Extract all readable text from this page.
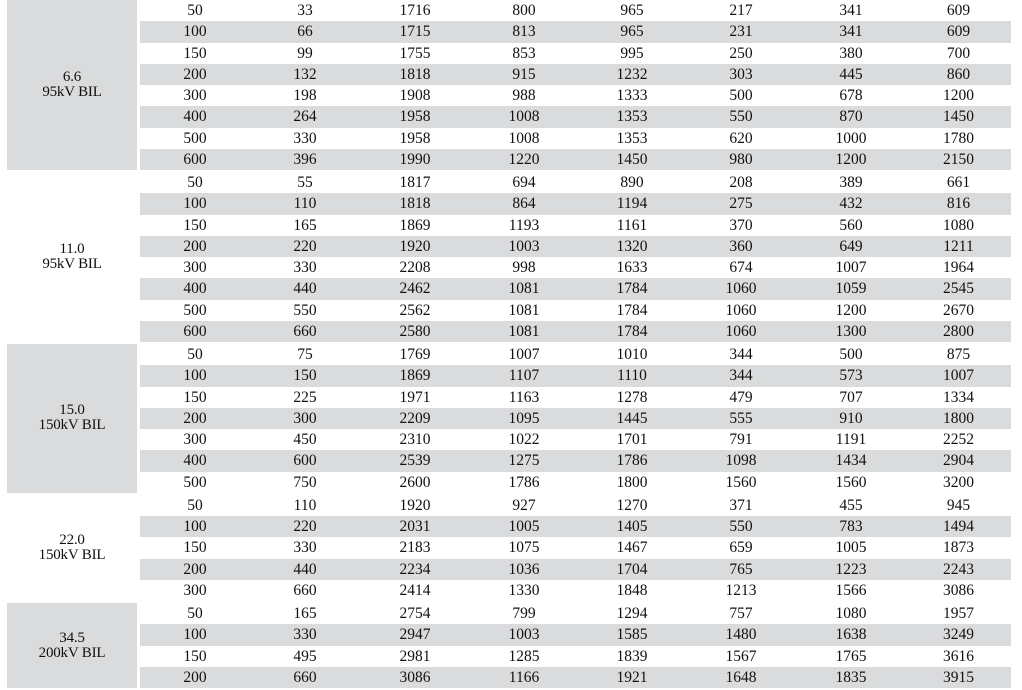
6.6
95kV BIL
50	33	1716	800	965	217	341	609
100	66	1715	813	965	231	341	609
150	99	1755	853	995	250	380	700
200	132	1818	915	1232	303	445	860
300	198	1908	988	1333	500	678	1200
400	264	1958	1008	1353	550	870	1450
500	330	1958	1008	1353	620	1000	1780
600	396	1990	1220	1450	980	1200	2150
11.0
95kV BIL
50	55	1817	694	890	208	389	661
100	110	1818	864	1194	275	432	816
150	165	1869	1193	1161	370	560	1080
200	220	1920	1003	1320	360	649	1211
300	330	2208	998	1633	674	1007	1964
400	440	2462	1081	1784	1060	1059	2545
500	550	2562	1081	1784	1060	1200	2670
600	660	2580	1081	1784	1060	1300	2800
15.0
150kV BIL
50	75	1769	1007	1010	344	500	875
100	150	1869	1107	1110	344	573	1007
150	225	1971	1163	1278	479	707	1334
200	300	2209	1095	1445	555	910	1800
300	450	2310	1022	1701	791	1191	2252
400	600	2539	1275	1786	1098	1434	2904
500	750	2600	1786	1800	1560	1560	3200
22.0
150kV BIL
50	110	1920	927	1270	371	455	945
100	220	2031	1005	1405	550	783	1494
150	330	2183	1075	1467	659	1005	1873
200	440	2234	1036	1704	765	1223	2243
300	660	2414	1330	1848	1213	1566	3086
34.5
200kV BIL
50	165	2754	799	1294	757	1080	1957
100	330	2947	1003	1585	1480	1638	3249
150	495	2981	1285	1839	1567	1765	3616
200	660	3086	1166	1921	1648	1835	3915
